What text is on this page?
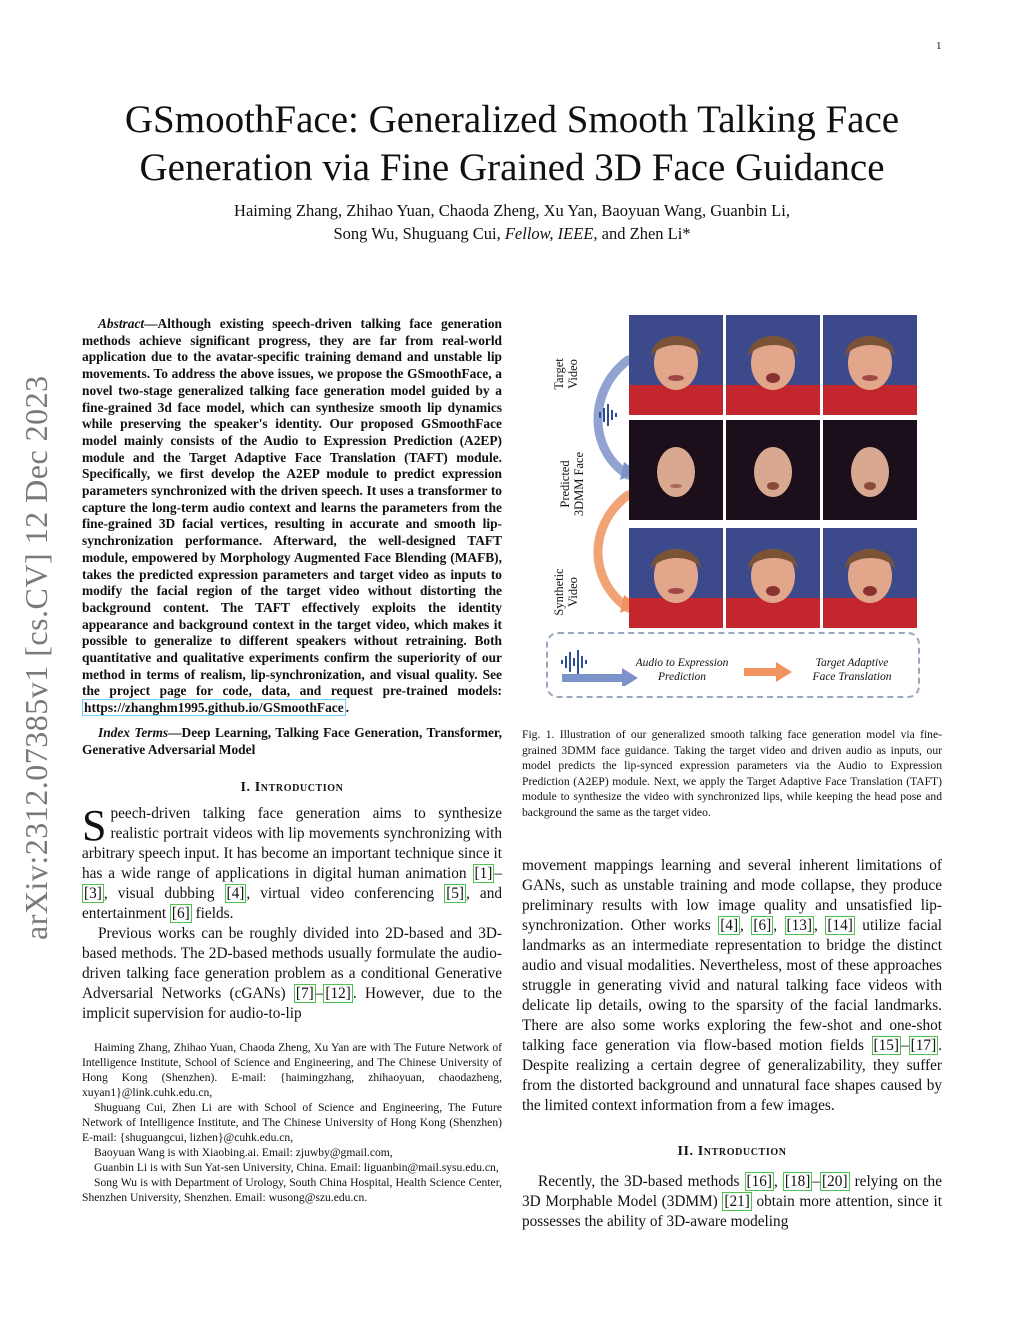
1
arXiv:2312.07385v1 [cs.CV] 12 Dec 2023
GSmoothFace: Generalized Smooth Talking Face
Generation via Fine Grained 3D Face Guidance
Haiming Zhang, Zhihao Yuan, Chaoda Zheng, Xu Yan, Baoyuan Wang, Guanbin Li,
Song Wu, Shuguang Cui, Fellow, IEEE, and Zhen Li*

Abstract—Although existing speech-driven talking face generation methods achieve significant progress, they are far from real-world application due to the avatar-specific training demand and unstable lip movements. To address the above issues, we propose the GSmoothFace, a novel two-stage generalized talking face generation model guided by a fine-grained 3d face model, which can synthesize smooth lip dynamics while preserving the speaker's identity. Our proposed GSmoothFace model mainly consists of the Audio to Expression Prediction (A2EP) module and the Target Adaptive Face Translation (TAFT) module. Specifically, we first develop the A2EP module to predict expression parameters synchronized with the driven speech. It uses a transformer to capture the long-term audio context and learns the parameters from the fine-grained 3D facial vertices, resulting in accurate and smooth lip-synchronization performance. Afterward, the well-designed TAFT module, empowered by Morphology Augmented Face Blending (MAFB), takes the predicted expression parameters and target video as inputs to modify the facial region of the target video without distorting the background content. The TAFT effectively exploits the identity appearance and background context in the target video, which makes it possible to generalize to different speakers without retraining. Both quantitative and qualitative experiments confirm the superiority of our method in terms of realism, lip-synchronization, and visual quality. See the project page for code, data, and request pre-trained models: https://zhanghm1995.github.io/GSmoothFace .

Index Terms—Deep Learning, Talking Face Generation, Transformer, Generative Adversarial Model

I. Introduction

Speech-driven talking face generation aims to synthesize realistic portrait videos with lip movements synchronizing with arbitrary speech input. It has become an important technique since it has a wide range of applications in digital human animation [1] –[3] , visual dubbing [4] , virtual video conferencing [5] , and entertainment [6] fields.

Previous works can be roughly divided into 2D-based and 3D-based methods. The 2D-based methods usually formulate the audio-driven talking face generation problem as a conditional Generative Adversarial Networks (cGANs) [7] – [12] . However, due to the implicit supervision for audio-to-lip

Haiming Zhang, Zhihao Yuan, Chaoda Zheng, Xu Yan are with The Future Network of Intelligence Institute, School of Science and Engineering, and The Chinese University of Hong Kong (Shenzhen). E-mail: {haimingzhang, zhihaoyuan, chaodazheng, xuyan1}@link.cuhk.edu.cn,

Shuguang Cui, Zhen Li are with School of Science and Engineering, The Future Network of Intelligence Institute, and The Chinese University of Hong Kong (Shenzhen) E-mail: {shuguangcui, lizhen}@cuhk.edu.cn,

Baoyuan Wang is with Xiaobing.ai. Email: zjuwby@gmail.com,

Guanbin Li is with Sun Yat-sen University, China. Email: liguanbin@mail.sysu.edu.cn,

Song Wu is with Department of Urology, South China Hospital, Health Science Center, Shenzhen University, Shenzhen. Email: wusong@szu.edu.cn.

Target
Video
Predicted
3DMM Face
Synthetic
Video
Audio to Expression
Prediction
Target Adaptive
Face Translation
Fig. 1. Illustration of our generalized smooth talking face generation model via fine-grained 3DMM face guidance. Taking the target video and driven audio as inputs, our model predicts the lip-synced expression parameters via the Audio to Expression Prediction (A2EP) module. Next, we apply the Target Adaptive Face Translation (TAFT) module to synthesize the video with synchronized lips, while keeping the head pose and background the same as the target video.

movement mappings learning and several inherent limitations of GANs, such as unstable training and mode collapse, they produce preliminary results with low image quality and unsatisfied lip-synchronization. Other works [4] , [6] , [13] , [14] utilize facial landmarks as an intermediate representation to bridge the distinct audio and visual modalities. Nevertheless, most of these approaches struggle in generating vivid and natural talking face videos with delicate lip details, owing to the sparsity of the facial landmarks. There are also some works exploring the few-shot and one-shot talking face generation via flow-based motion fields [15] – [17] . Despite realizing a certain degree of generalizability, they suffer from the distorted background and unnatural face shapes caused by the limited context information from a few images.

II. Introduction

Recently, the 3D-based methods [16] , [18] – [20] relying on the 3D Morphable Model (3DMM) [21] obtain more attention, since it possesses the ability of 3D-aware modeling
